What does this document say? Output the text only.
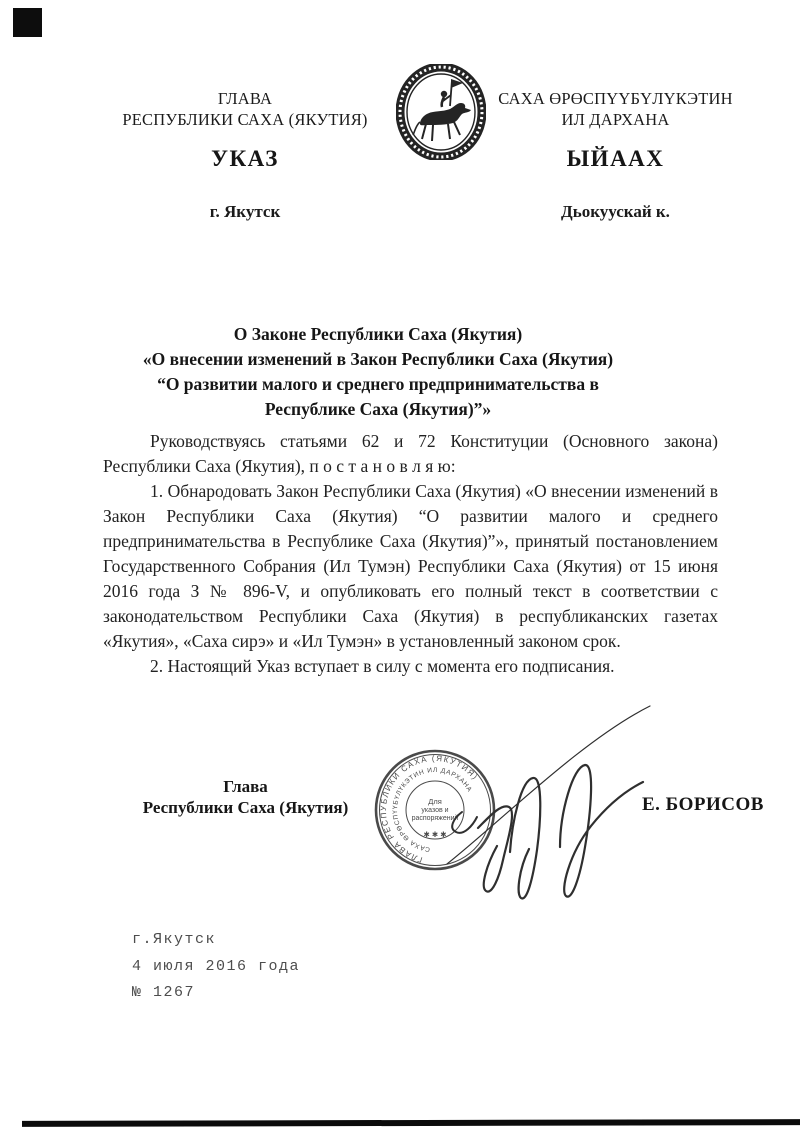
ГЛАВА
РЕСПУБЛИКИ САХА (ЯКУТИЯ)
САХА ӨРӨСПҮҮБҮЛҮКЭТИН
ИЛ ДАРХАНА
УКАЗ	ЫЙААХ
г. Якутск	Дьокуускай к.
О Законе Республики Саха (Якутия)
«О внесении изменений в Закон Республики Саха (Якутия)
“О развитии малого и среднего предпринимательства в
Республике Саха (Якутия)”»

Руководствуясь статьями 62 и 72 Конституции (Основного закона) Республики Саха (Якутия), п о с т а н о в л я ю:

1. Обнародовать Закон Республики Саха (Якутия) «О внесении изменений в Закон Республики Саха (Якутия) “О развитии малого и среднего предпринимательства в Республике Саха (Якутия)”», принятый постановлением Государственного Собрания (Ил Тумэн) Республики Саха (Якутия) от 15 июня 2016 года З № 896-V, и опубликовать его полный текст в соответствии с законодательством Республики Саха (Якутия) в республиканских газетах «Якутия», «Саха сирэ» и «Ил Тумэн» в установленный законом срок.

2. Настоящий Указ вступает в силу с момента его подписания.

Глава
Республики Саха (Якутия)
ГЛАВА РЕСПУБЛИКИ САХА (ЯКУТИЯ)
САХА ӨРӨСПҮҮБҮЛҮКЭТИН ИЛ ДАРХАНА
Для
указов и
распоряжений
✱ ✱ ✱
Е. БОРИСОВ
г.Якутск
4 июля 2016 года
№ 1267
